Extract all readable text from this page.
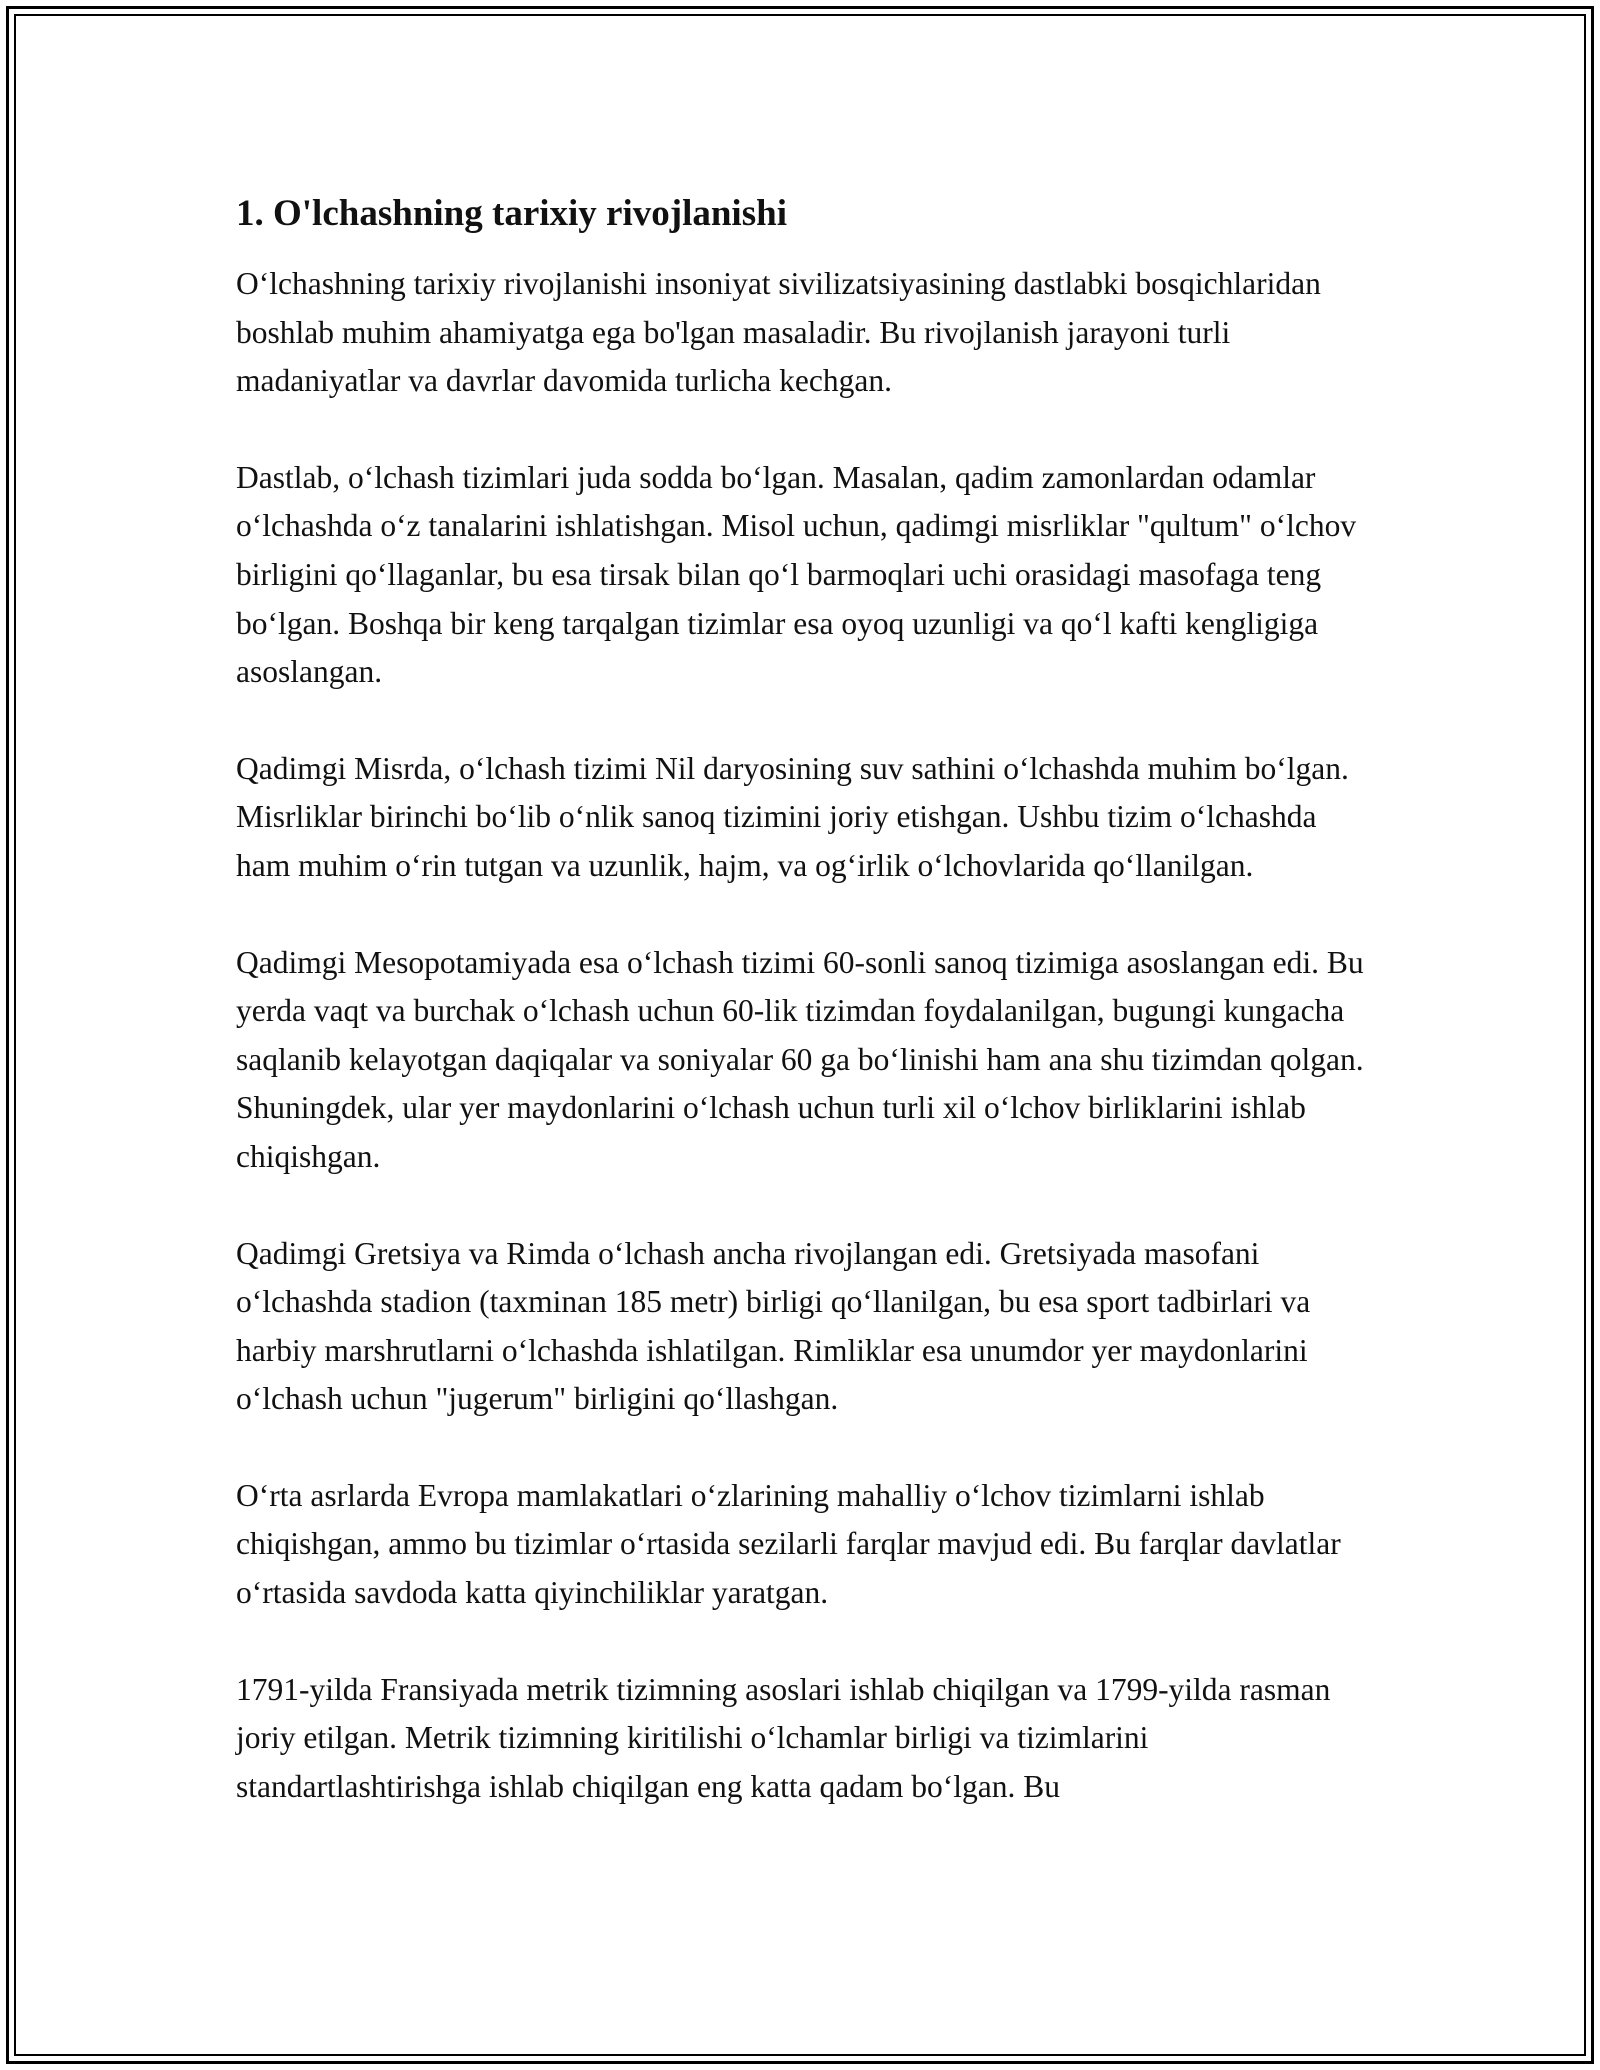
1. O'lchashning tarixiy rivojlanishi

O‘lchashning tarixiy rivojlanishi insoniyat sivilizatsiyasining dastlabki bosqichlaridan boshlab muhim ahamiyatga ega bo'lgan masaladir. Bu rivojlanish jarayoni turli madaniyatlar va davrlar davomida turlicha kechgan.

Dastlab, o‘lchash tizimlari juda sodda bo‘lgan. Masalan, qadim zamonlardan odamlar o‘lchashda o‘z tanalarini ishlatishgan. Misol uchun, qadimgi misrliklar "qultum" o‘lchov birligini qo‘llaganlar, bu esa tirsak bilan qo‘l barmoqlari uchi orasidagi masofaga teng bo‘lgan. Boshqa bir keng tarqalgan tizimlar esa oyoq uzunligi va qo‘l kafti kengligiga asoslangan.

Qadimgi Misrda, o‘lchash tizimi Nil daryosining suv sathini o‘lchashda muhim bo‘lgan. Misrliklar birinchi bo‘lib o‘nlik sanoq tizimini joriy etishgan. Ushbu tizim o‘lchashda ham muhim o‘rin tutgan va uzunlik, hajm, va og‘irlik o‘lchovlarida qo‘llanilgan.

Qadimgi Mesopotamiyada esa o‘lchash tizimi 60-sonli sanoq tizimiga asoslangan edi. Bu yerda vaqt va burchak o‘lchash uchun 60-lik tizimdan foydalanilgan, bugungi kungacha saqlanib kelayotgan daqiqalar va soniyalar 60 ga bo‘linishi ham ana shu tizimdan qolgan. Shuningdek, ular yer maydonlarini o‘lchash uchun turli xil o‘lchov birliklarini ishlab chiqishgan.

Qadimgi Gretsiya va Rimda o‘lchash ancha rivojlangan edi. Gretsiyada masofani o‘lchashda stadion (taxminan 185 metr) birligi qo‘llanilgan, bu esa sport tadbirlari va harbiy marshrutlarni o‘lchashda ishlatilgan. Rimliklar esa unumdor yer maydonlarini o‘lchash uchun "jugerum" birligini qo‘llashgan.

O‘rta asrlarda Evropa mamlakatlari o‘zlarining mahalliy o‘lchov tizimlarni ishlab chiqishgan, ammo bu tizimlar o‘rtasida sezilarli farqlar mavjud edi. Bu farqlar davlatlar o‘rtasida savdoda katta qiyinchiliklar yaratgan.

1791-yilda Fransiyada metrik tizimning asoslari ishlab chiqilgan va 1799-yilda rasman joriy etilgan. Metrik tizimning kiritilishi o‘lchamlar birligi va tizimlarini standartlashtirishga ishlab chiqilgan eng katta qadam bo‘lgan. Bu
